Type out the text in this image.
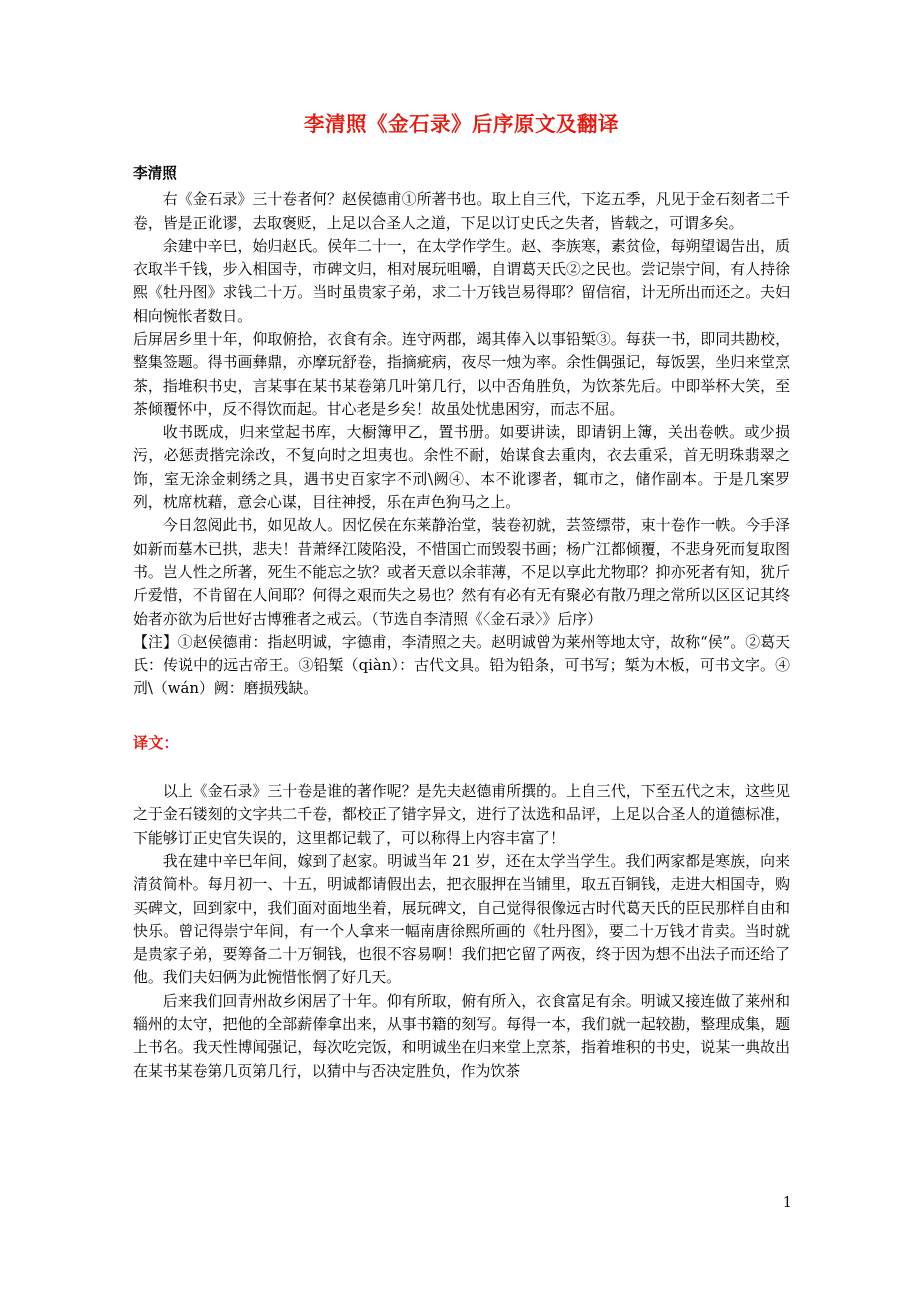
李清照《金石录》后序原文及翻译
李清照

右《金石录》三十卷者何？赵侯德甫①所著书也。取上自三代，下迄五季，凡见于金石刻者二千卷，皆是正讹谬，去取褒贬，上足以合圣人之道，下足以订史氏之失者，皆载之，可谓多矣。

余建中辛巳，始归赵氏。侯年二十一，在太学作学生。赵、李族寒，素贫俭，每朔望谒告出，质衣取半千钱，步入相国寺，市碑文归，相对展玩咀嚼，自谓葛天氏②之民也。尝记崇宁间，有人持徐熙《牡丹图》求钱二十万。当时虽贵家子弟，求二十万钱岂易得耶？留信宿，计无所出而还之。夫妇相向惋怅者数日。

后屏居乡里十年，仰取俯拾，衣食有余。连守两郡，竭其俸入以事铅椠③。每获一书，即同共勘校，整集签题。得书画彝鼎，亦摩玩舒卷，指摘疵病，夜尽一烛为率。余性偶强记，每饭罢，坐归来堂烹茶，指堆积书史，言某事在某书某卷第几叶第几行，以中否角胜负，为饮茶先后。中即举杯大笑，至茶倾覆怀中，反不得饮而起。甘心老是乡矣！故虽处忧患困穷，而志不屈。

收书既成，归来堂起书库，大橱簿甲乙，置书册。如要讲读，即请钥上簿，关出卷帙。或少损污，必惩责揩完涂改，不复向时之坦夷也。余性不耐，始谋食去重肉，衣去重采，首无明珠翡翠之饰，室无涂金刺绣之具，遇书史百家字不刓\阙④、本不讹谬者，辄市之，储作副本。于是几案罗列，枕席枕藉，意会心谋，目往神授，乐在声色狗马之上。

今日忽阅此书，如见故人。因忆侯在东莱静治堂，装卷初就，芸签缥带，束十卷作一帙。今手泽如新而墓木已拱，悲夫！昔萧绎江陵陷没，不惜国亡而毁裂书画；杨广江都倾覆，不悲身死而复取图书。岂人性之所著，死生不能忘之欤？或者天意以余菲薄，不足以享此尤物耶？抑亦死者有知，犹斤斤爱惜，不肯留在人间耶？何得之艰而失之易也？然有有必有无有聚必有散乃理之常所以区区记其终始者亦欲为后世好古博雅者之戒云。（节选自李清照《〈金石录〉》后序）

【注】①赵侯德甫：指赵明诚，字德甫，李清照之夫。赵明诚曾为莱州等地太守，故称“侯”。②葛天氏：传说中的远古帝王。③铅椠（qiàn）：古代文具。铅为铅条，可书写；椠为木板，可书文字。④刓\（wán）阙：磨损残缺。

译文：

以上《金石录》三十卷是谁的著作呢？是先夫赵德甫所撰的。上自三代，下至五代之末，这些见之于金石镂刻的文字共二千卷，都校正了错字异文，进行了汰选和品评，上足以合圣人的道德标准，下能够订正史官失误的，这里都记载了，可以称得上内容丰富了！

我在建中辛巳年间，嫁到了赵家。明诚当年 21 岁，还在太学当学生。我们两家都是寒族，向来清贫简朴。每月初一、十五，明诚都请假出去，把衣服押在当铺里，取五百铜钱，走进大相国寺，购买碑文，回到家中，我们面对面地坐着，展玩碑文，自己觉得很像远古时代葛天氏的臣民那样自由和快乐。曾记得崇宁年间，有一个人拿来一幅南唐徐熙所画的《牡丹图》，要二十万钱才肯卖。当时就是贵家子弟，要筹备二十万铜钱，也很不容易啊！我们把它留了两夜，终于因为想不出法子而还给了他。我们夫妇俩为此惋惜怅惘了好几天。

后来我们回青州故乡闲居了十年。仰有所取，俯有所入，衣食富足有余。明诚又接连做了莱州和辎州的太守，把他的全部薪俸拿出来，从事书籍的刻写。每得一本，我们就一起较勘，整理成集，题上书名。我天性博闻强记，每次吃完饭，和明诚坐在归来堂上烹茶，指着堆积的书史，说某一典故出在某书某卷第几页第几行，以猜中与否决定胜负，作为饮茶

1
